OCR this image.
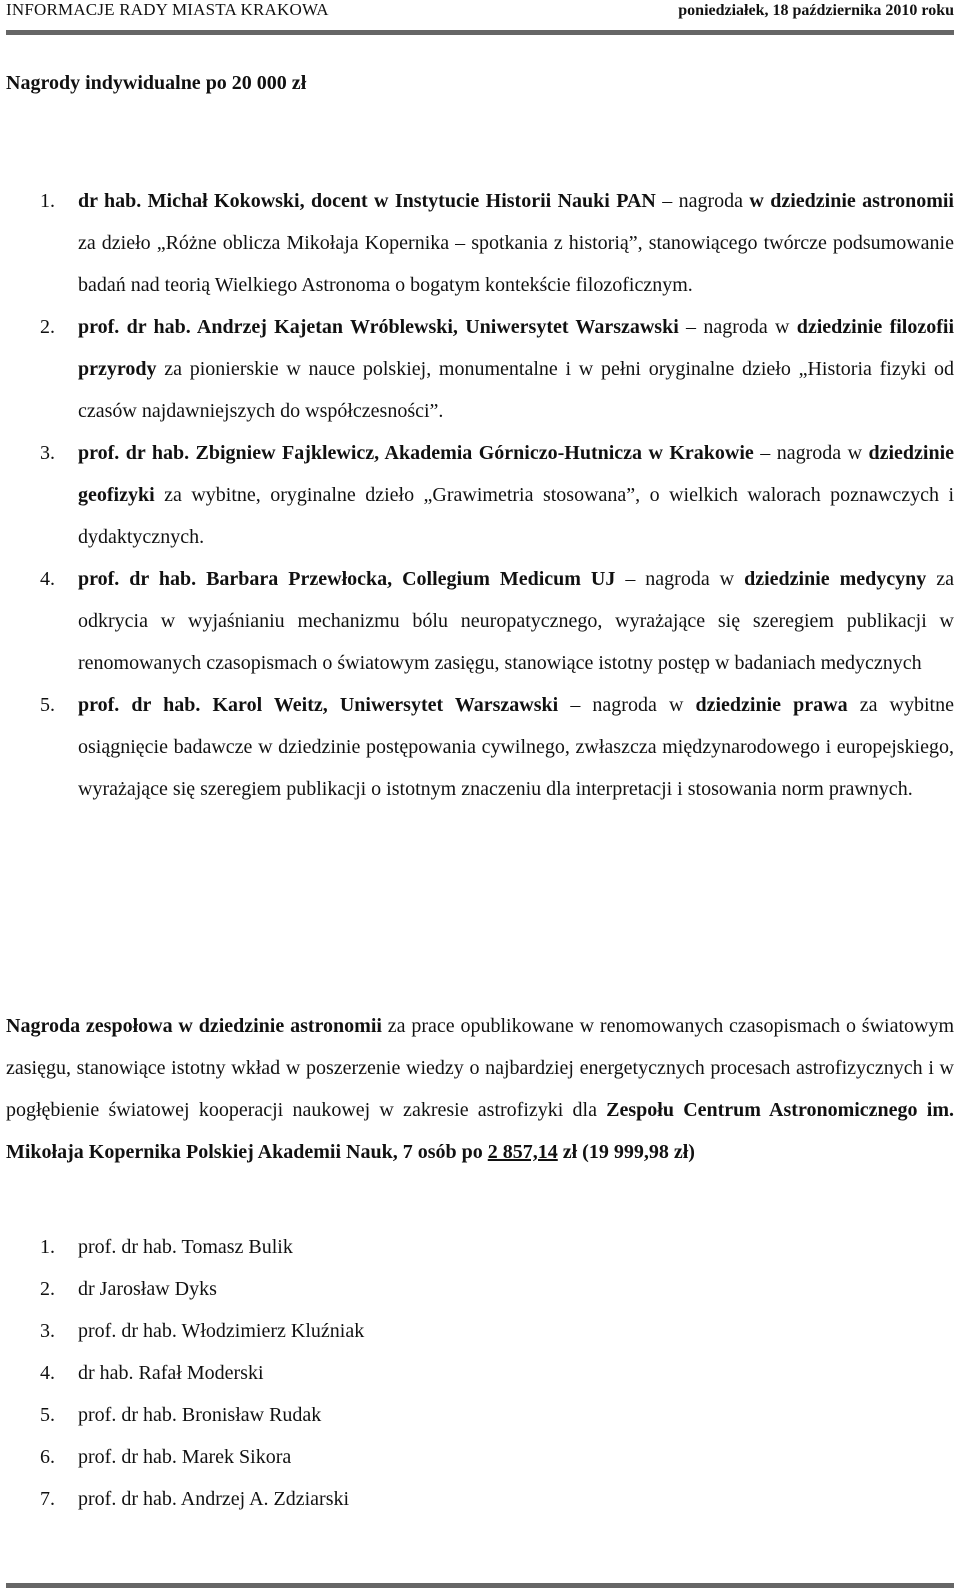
INFORMACJE RADY MIASTA KRAKOWA	poniedziałek, 18 października 2010 roku
Nagrody indywidualne po 20 000 zł
1. dr hab. Michał Kokowski, docent w Instytucie Historii Nauki PAN – nagroda w dziedzinie astronomii za dzieło „Różne oblicza Mikołaja Kopernika – spotkania z historią”, stanowiącego twórcze podsumowanie badań nad teorią Wielkiego Astronoma o bogatym kontekście filozoficznym.
2. prof. dr hab. Andrzej Kajetan Wróblewski, Uniwersytet Warszawski – nagroda w dziedzinie filozofii przyrody za pionierskie w nauce polskiej, monumentalne i w pełni oryginalne dzieło „Historia fizyki od czasów najdawniejszych do współczesności”.
3. prof. dr hab. Zbigniew Fajklewicz, Akademia Górniczo-Hutnicza w Krakowie – nagroda w dziedzinie geofizyki za wybitne, oryginalne dzieło „Grawimetria stosowana”, o wielkich walorach poznawczych i dydaktycznych.
4. prof. dr hab. Barbara Przewłocka, Collegium Medicum UJ – nagroda w dziedzinie medycyny za odkrycia w wyjaśnianiu mechanizmu bólu neuropatycznego, wyrażające się szeregiem publikacji w renomowanych czasopismach o światowym zasięgu, stanowiące istotny postęp w badaniach medycznych
5. prof. dr hab. Karol Weitz, Uniwersytet Warszawski – nagroda w dziedzinie prawa za wybitne osiągnięcie badawcze w dziedzinie postępowania cywilnego, zwłaszcza międzynarodowego i europejskiego, wyrażające się szeregiem publikacji o istotnym znaczeniu dla interpretacji i stosowania norm prawnych.
Nagroda zespołowa w dziedzinie astronomii za prace opublikowane w renomowanych czasopismach o światowym zasięgu, stanowiące istotny wkład w poszerzenie wiedzy o najbardziej energetycznych procesach astrofizycznych i w pogłębienie światowej kooperacji naukowej w zakresie astrofizyki dla Zespołu Centrum Astronomicznego im. Mikołaja Kopernika Polskiej Akademii Nauk, 7 osób po 2 857,14 zł (19 999,98 zł)
1. prof. dr hab. Tomasz Bulik
2. dr Jarosław Dyks
3. prof. dr hab. Włodzimierz Kluźniak
4. dr hab. Rafał Moderski
5. prof. dr hab. Bronisław Rudak
6. prof. dr hab. Marek Sikora
7. prof. dr hab. Andrzej A. Zdziarski
